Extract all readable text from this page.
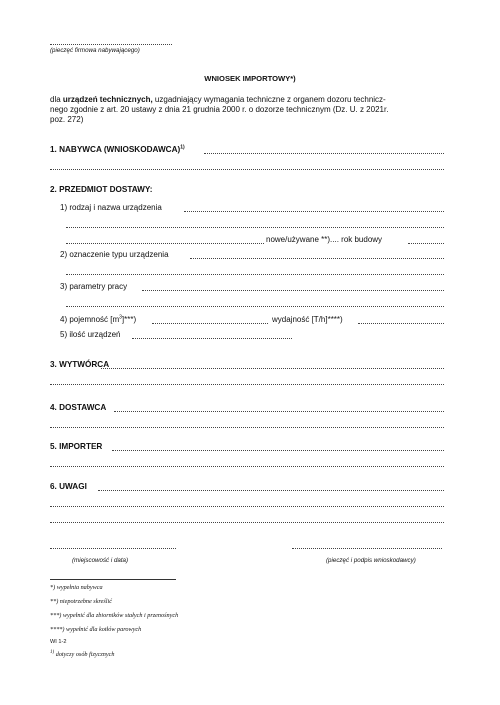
(pieczęć firmowa nabywającego)
WNIOSEK IMPORTOWY*)
dla urządzeń technicznych, uzgadniający wymagania techniczne z organem dozoru technicz-
nego zgodnie z art. 20 ustawy z dnia 21 grudnia 2000 r. o dozorze technicznym (Dz. U. z 2021r.
poz. 272)
1. NABYWCA (WNIOSKODAWCA)$^{1)}$
2. PRZEDMIOT DOSTAWY:
1) rodzaj i nazwa urządzenia
nowe/używane **).... rok budowy
2) oznaczenie typu urządzenia
3) parametry pracy
4) pojemność $[m^3]***$)	wydajność [T/h]****)
5) ilość urządzeń
3. WYTWÓRCA
4. DOSTAWCA
5. IMPORTER
6. UWAGI
(miejscowość i data)	(pieczęć i podpis wnioskodawcy)
*) wypełnia nabywca
**) niepotrzebne skreślić
***) wypełnić dla zbiorników stałych i przenośnych
****) wypełnić dla kotłów parowych
WI 1-2
$^{1)}$ dotyczy osób fizycznych
